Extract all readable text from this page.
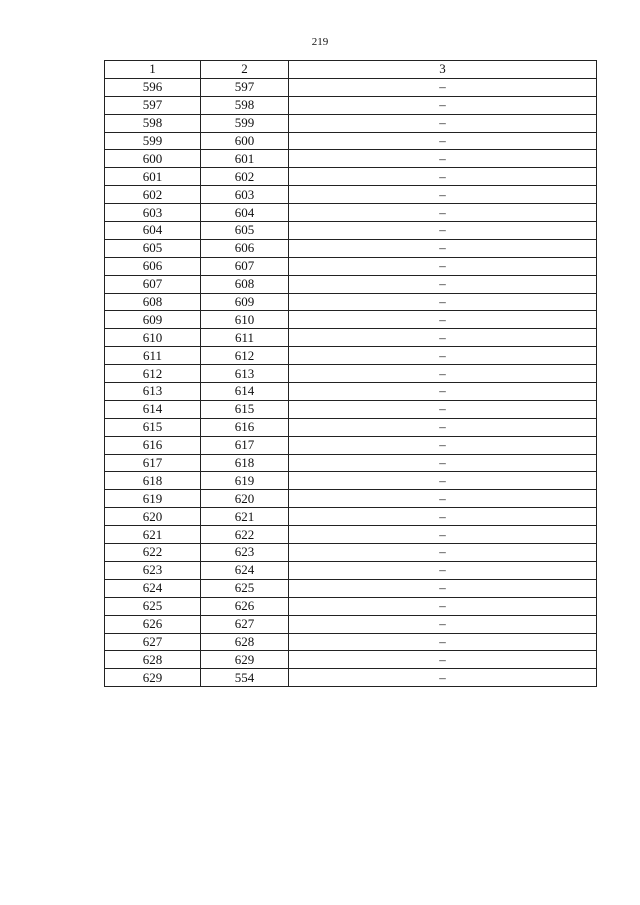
219
1	2	3
596	597	–
597	598	–
598	599	–
599	600	–
600	601	–
601	602	–
602	603	–
603	604	–
604	605	–
605	606	–
606	607	–
607	608	–
608	609	–
609	610	–
610	611	–
611	612	–
612	613	–
613	614	–
614	615	–
615	616	–
616	617	–
617	618	–
618	619	–
619	620	–
620	621	–
621	622	–
622	623	–
623	624	–
624	625	–
625	626	–
626	627	–
627	628	–
628	629	–
629	554	–
